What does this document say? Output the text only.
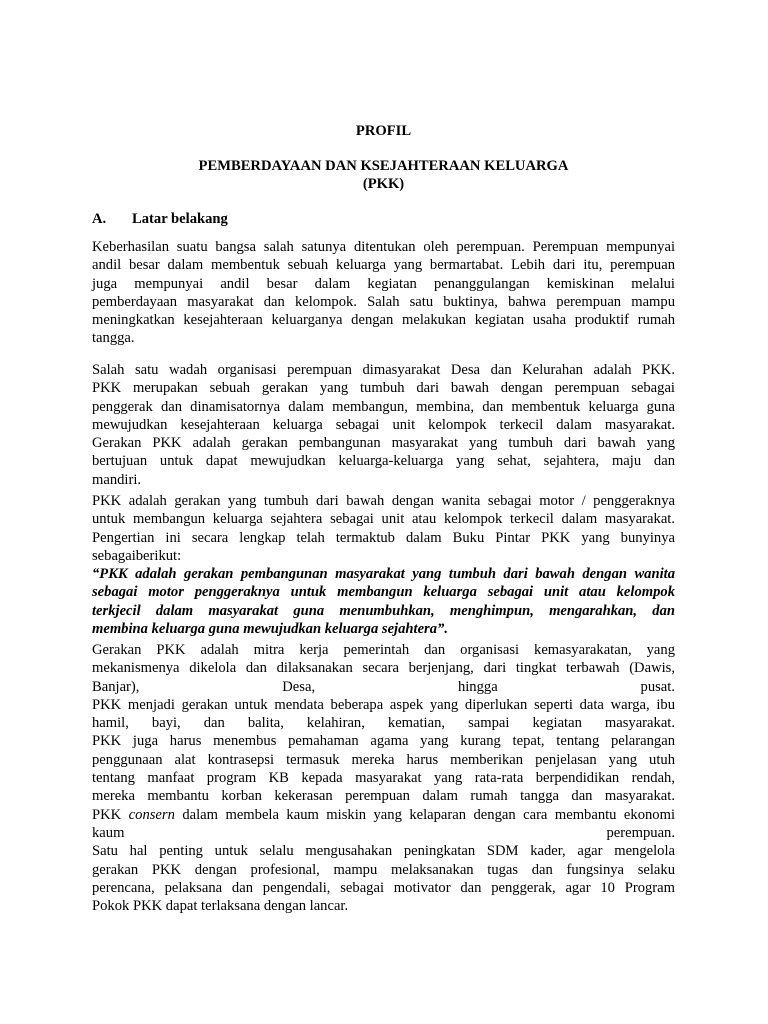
PROFIL

PEMBERDAYAAN DAN KSEJAHTERAAN KELUARGA

(PKK)

A. Latar belakang

Keberhasilan suatu bangsa salah satunya ditentukan oleh perempuan. Perempuan mempunyai
andil besar dalam membentuk sebuah keluarga yang bermartabat. Lebih dari itu, perempuan
juga mempunyai andil besar dalam kegiatan penanggulangan kemiskinan melalui
pemberdayaan masyarakat dan kelompok. Salah satu buktinya, bahwa perempuan mampu
meningkatkan kesejahteraan keluarganya dengan melakukan kegiatan usaha produktif rumah
tangga.
Salah satu wadah organisasi perempuan dimasyarakat Desa dan Kelurahan adalah PKK.
PKK merupakan sebuah gerakan yang tumbuh dari bawah dengan perempuan sebagai
penggerak dan dinamisatornya dalam membangun, membina, dan membentuk keluarga guna
mewujudkan kesejahteraan keluarga sebagai unit kelompok terkecil dalam masyarakat.
Gerakan PKK adalah gerakan pembangunan masyarakat yang tumbuh dari bawah yang
bertujuan untuk dapat mewujudkan keluarga-keluarga yang sehat, sejahtera, maju dan
mandiri.
PKK adalah gerakan yang tumbuh dari bawah dengan wanita sebagai motor / penggeraknya
untuk membangun keluarga sejahtera sebagai unit atau kelompok terkecil dalam masyarakat.
Pengertian ini secara lengkap telah termaktub dalam Buku Pintar PKK yang bunyinya
sebagaiberikut:
“PKK adalah gerakan pembangunan masyarakat yang tumbuh dari bawah dengan wanita
sebagai motor penggeraknya untuk membangun keluarga sebagai unit atau kelompok
terkjecil dalam masyarakat guna menumbuhkan, menghimpun, mengarahkan, dan
membina keluarga guna mewujudkan keluarga sejahtera”.
Gerakan PKK adalah mitra kerja pemerintah dan organisasi kemasyarakatan, yang
mekanismenya dikelola dan dilaksanakan secara berjenjang, dari tingkat terbawah (Dawis,
Banjar), Desa, hingga pusat.
PKK menjadi gerakan untuk mendata beberapa aspek yang diperlukan seperti data warga, ibu
hamil, bayi, dan balita, kelahiran, kematian, sampai kegiatan masyarakat.
PKK juga harus menembus pemahaman agama yang kurang tepat, tentang pelarangan
penggunaan alat kontrasepsi termasuk mereka harus memberikan penjelasan yang utuh
tentang manfaat program KB kepada masyarakat yang rata-rata berpendidikan rendah,
mereka membantu korban kekerasan perempuan dalam rumah tangga dan masyarakat.
PKK consern dalam membela kaum miskin yang kelaparan dengan cara membantu ekonomi
kaum perempuan.
Satu hal penting untuk selalu mengusahakan peningkatan SDM kader, agar mengelola
gerakan PKK dengan profesional, mampu melaksanakan tugas dan fungsinya selaku
perencana, pelaksana dan pengendali, sebagai motivator dan penggerak, agar 10 Program
Pokok PKK dapat terlaksana dengan lancar.
